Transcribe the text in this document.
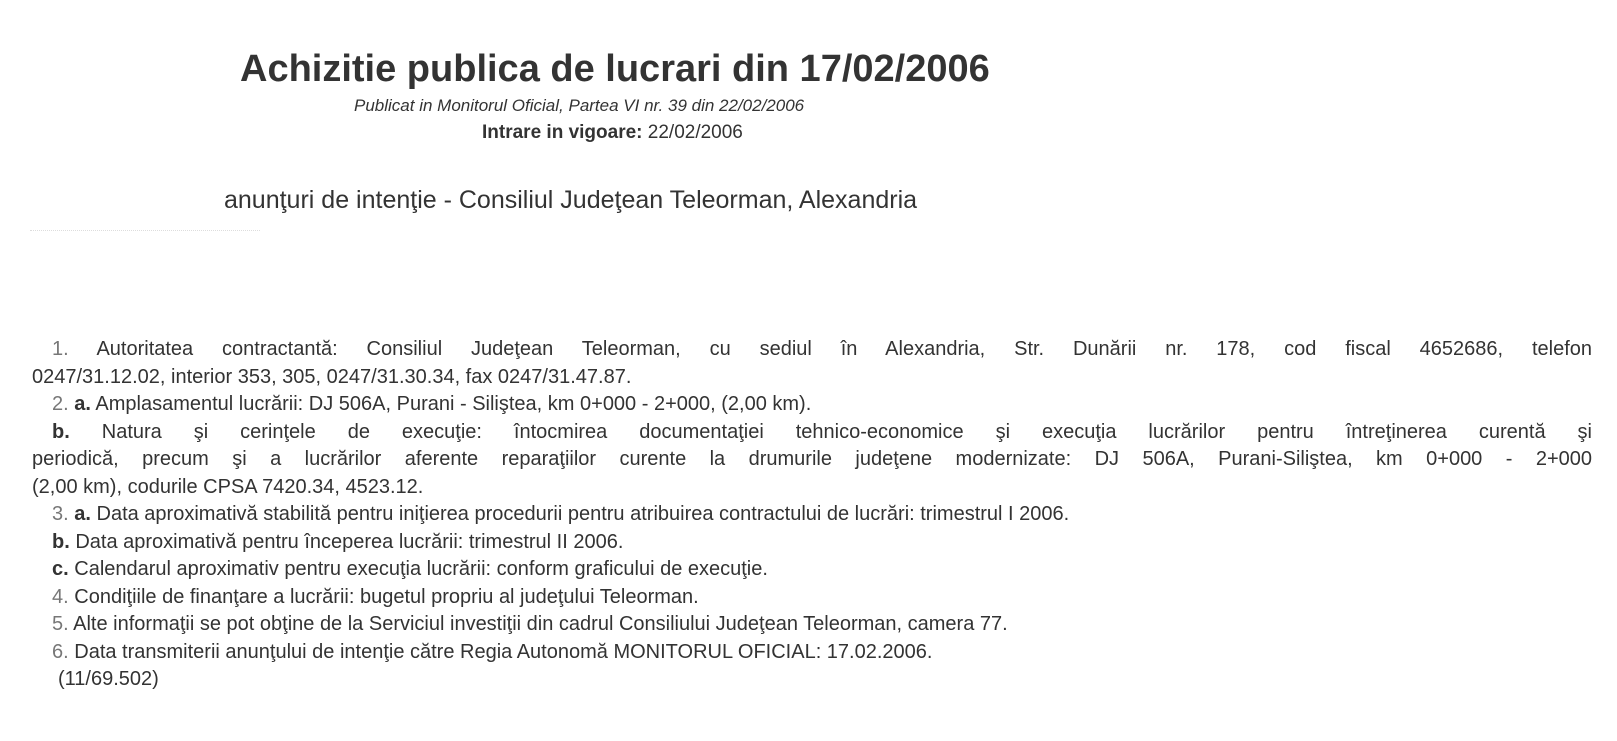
Achizitie publica de lucrari din 17/02/2006
Publicat in Monitorul Oficial, Partea VI nr. 39 din 22/02/2006
Intrare in vigoare: 22/02/2006
anunţuri de intenţie - Consiliul Judeţean Teleorman, Alexandria
1. Autoritatea contractantă: Consiliul Judeţean Teleorman, cu sediul în Alexandria, Str. Dunării nr. 178, cod fiscal 4652686, telefon
0247/31.12.02, interior 353, 305, 0247/31.30.34, fax 0247/31.47.87.
2. a. Amplasamentul lucrării: DJ 506A, Purani - Siliştea, km 0+000 - 2+000, (2,00 km).
b. Natura şi cerinţele de execuţie: întocmirea documentaţiei tehnico-economice şi execuţia lucrărilor pentru întreţinerea curentă şi
periodică, precum şi a lucrărilor aferente reparaţiilor curente la drumurile judeţene modernizate: DJ 506A, Purani-Siliştea, km 0+000 - 2+000
(2,00 km), codurile CPSA 7420.34, 4523.12.
3. a. Data aproximativă stabilită pentru iniţierea procedurii pentru atribuirea contractului de lucrări: trimestrul I 2006.
b. Data aproximativă pentru începerea lucrării: trimestrul II 2006.
c. Calendarul aproximativ pentru execuţia lucrării: conform graficului de execuţie.
4. Condiţiile de finanţare a lucrării: bugetul propriu al judeţului Teleorman.
5. Alte informaţii se pot obţine de la Serviciul investiţii din cadrul Consiliului Judeţean Teleorman, camera 77.
6. Data transmiterii anunţului de intenţie către Regia Autonomă MONITORUL OFICIAL: 17.02.2006.
(11/69.502)
